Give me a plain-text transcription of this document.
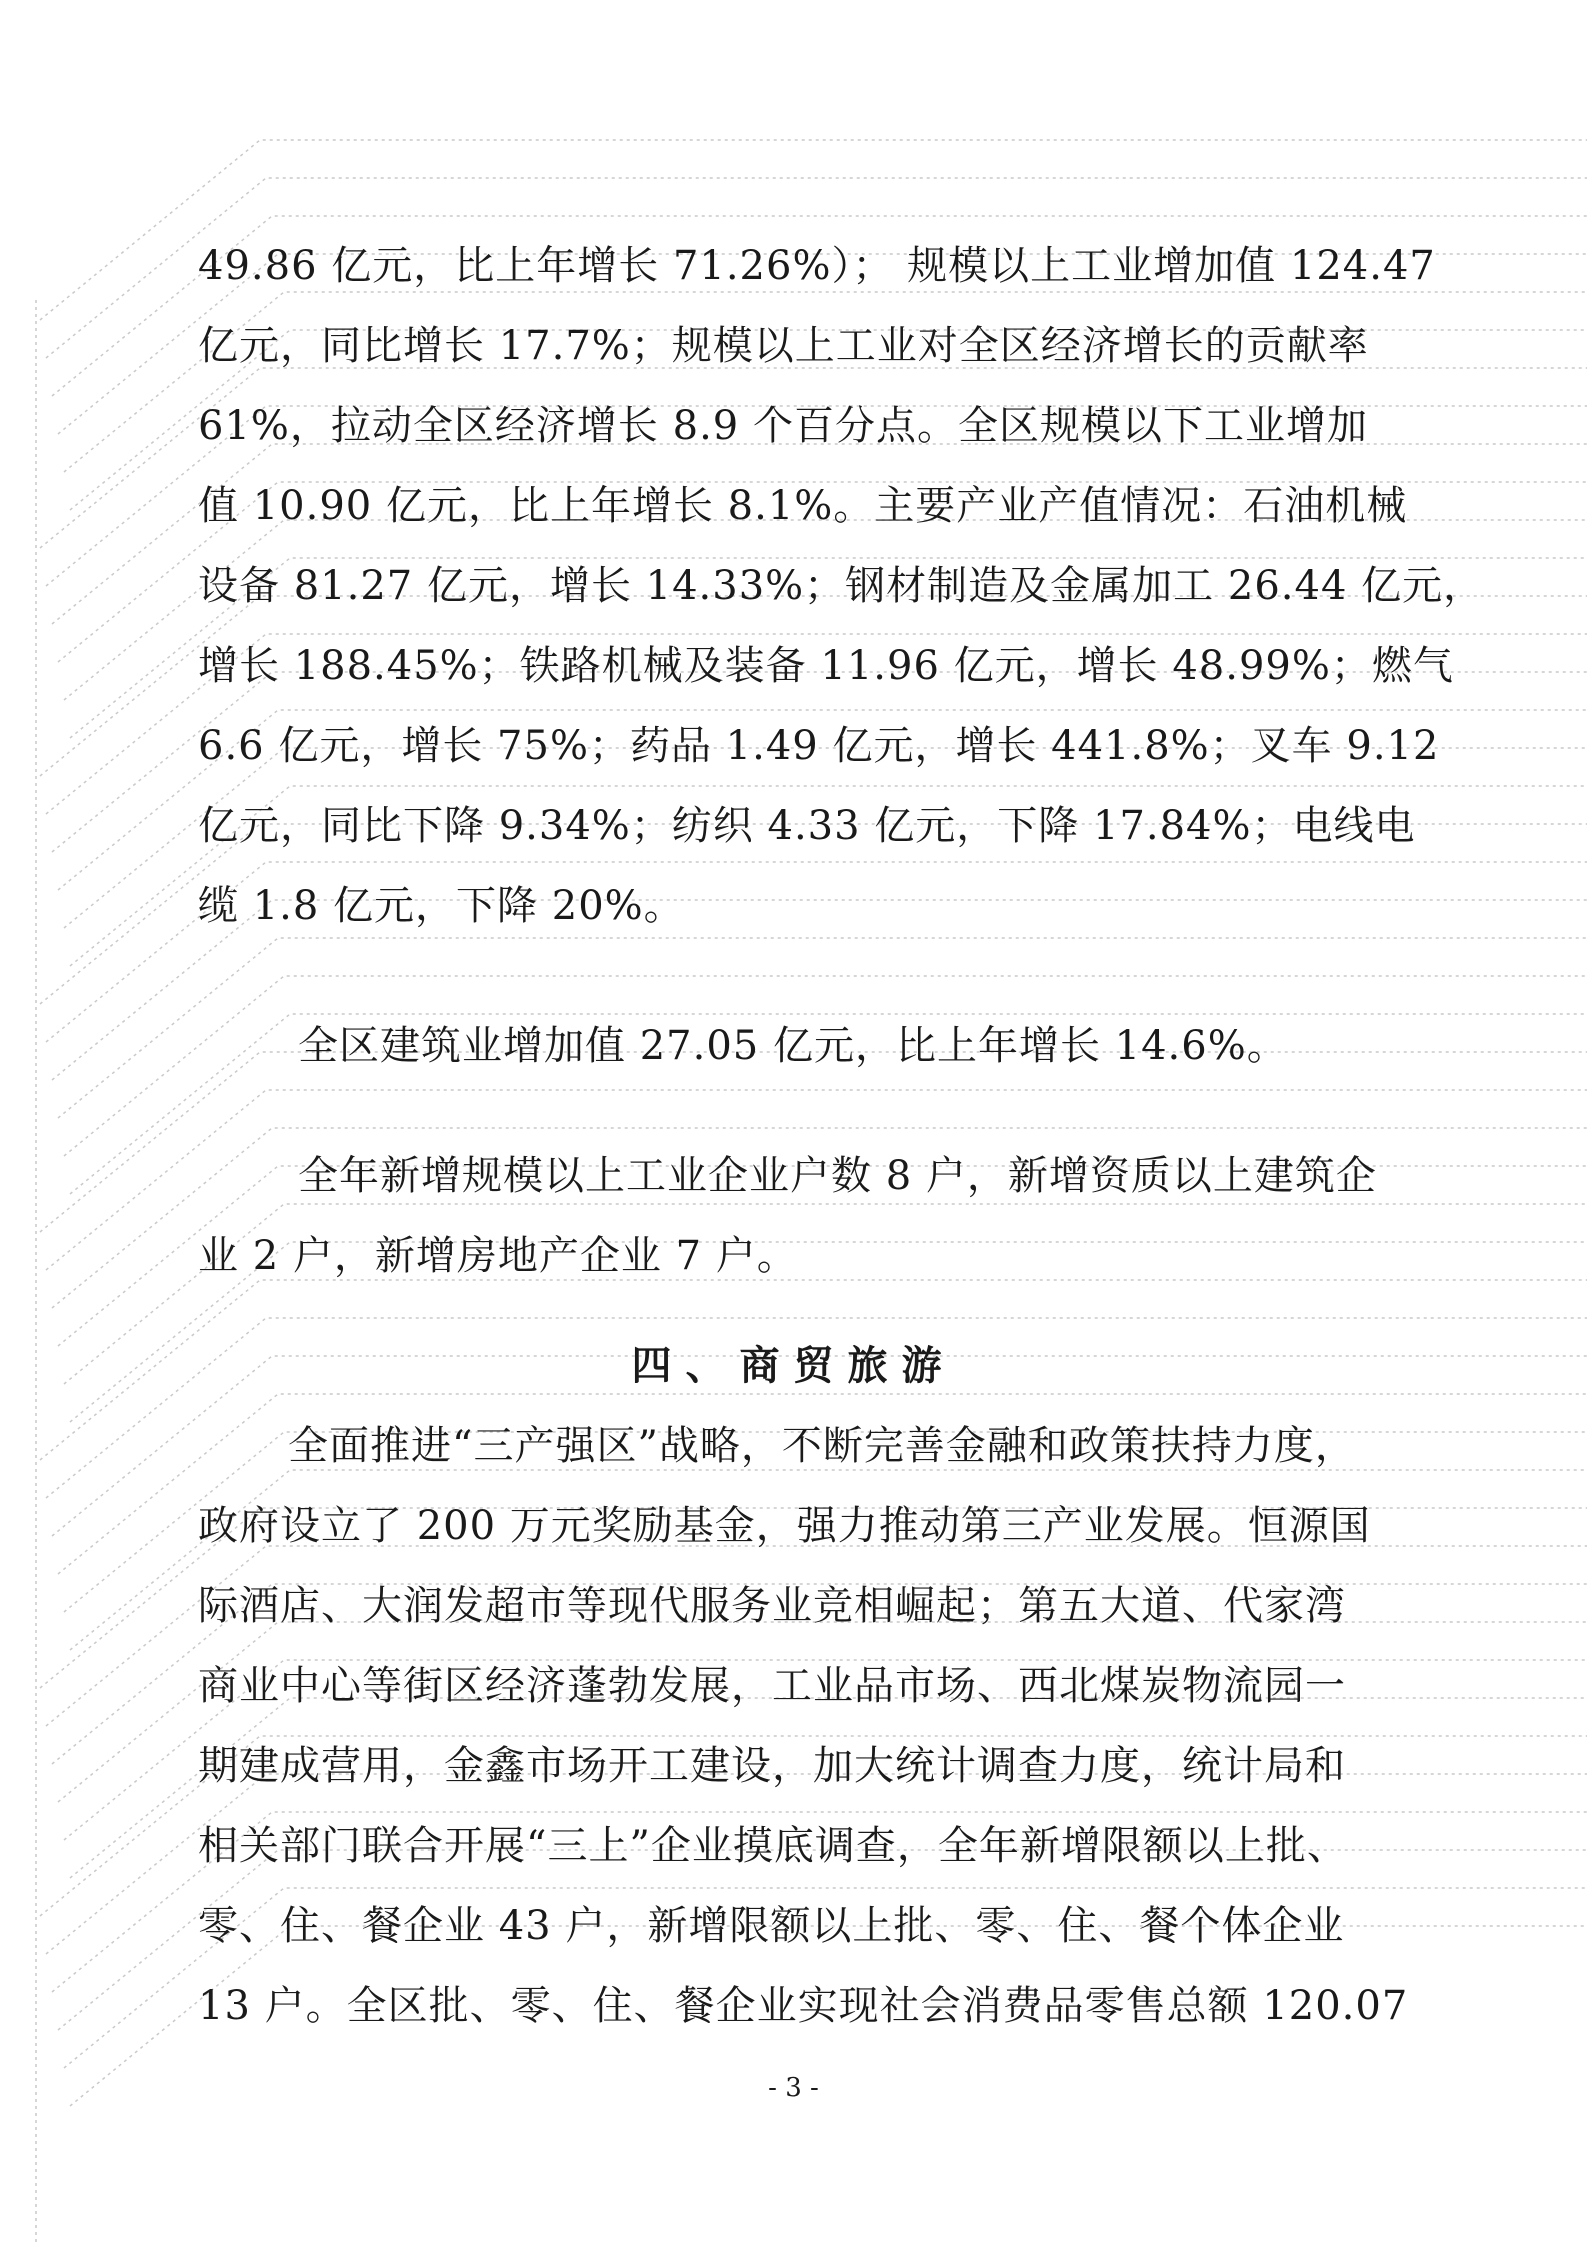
49.86 亿元，比上年增长 71.26%）； 规模以上工业增加值 124.47
亿元，同比增长 17.7%；规模以上工业对全区经济增长的贡献率
61%，拉动全区经济增长 8.9 个百分点。全区规模以下工业增加
值 10.90 亿元，比上年增长 8.1%。主要产业产值情况：石油机械
设备 81.27 亿元，增长 14.33%；钢材制造及金属加工 26.44 亿元，
增长 188.45%；铁路机械及装备 11.96 亿元，增长 48.99%；燃气
6.6 亿元，增长 75%；药品 1.49 亿元，增长 441.8%；叉车 9.12
亿元，同比下降 9.34%；纺织 4.33 亿元，下降 17.84%；电线电
缆 1.8 亿元，下降 20%。
全区建筑业增加值 27.05 亿元，比上年增长 14.6%。
全年新增规模以上工业企业户数 8 户，新增资质以上建筑企
业 2 户，新增房地产企业 7 户。
四、商贸旅游
全面推进“三产强区”战略，不断完善金融和政策扶持力度，
政府设立了 200 万元奖励基金，强力推动第三产业发展。恒源国
际酒店、大润发超市等现代服务业竞相崛起；第五大道、代家湾
商业中心等街区经济蓬勃发展，工业品市场、西北煤炭物流园一
期建成营用，金鑫市场开工建设，加大统计调查力度，统计局和
相关部门联合开展“三上”企业摸底调查，全年新增限额以上批、
零、住、餐企业 43 户，新增限额以上批、零、住、餐个体企业
13 户。全区批、零、住、餐企业实现社会消费品零售总额 120.07
- 3 -
